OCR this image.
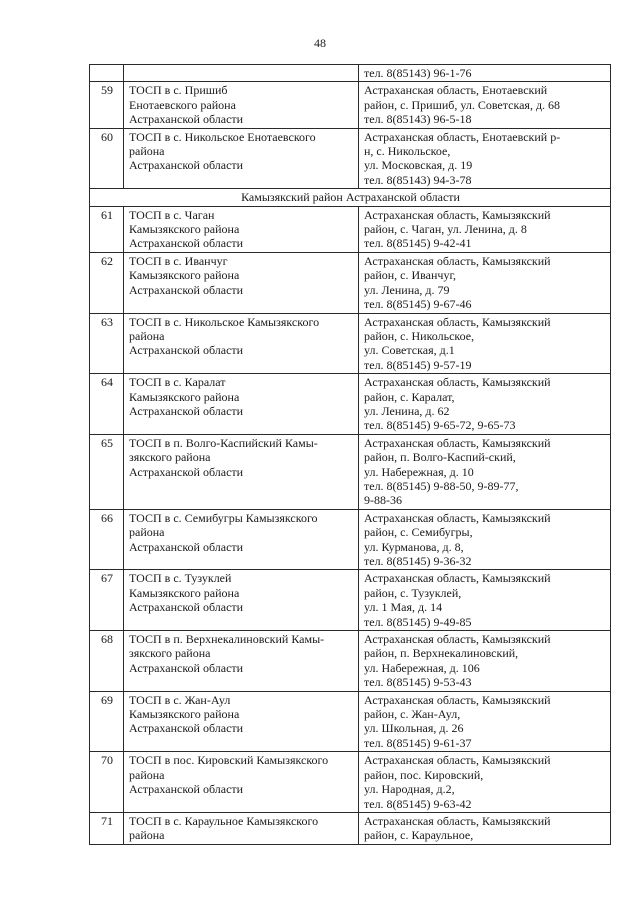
48
		тел. 8(85143) 96-1-76
59	ТОСП в с. Пришиб
Енотаевского района
Астраханской области	Астраханская область, Енотаевский
район, с. Пришиб, ул. Советская, д. 68
тел. 8(85143) 96-5-18
60	ТОСП в с. Никольское Енотаевского
района
Астраханской области	Астраханская область, Енотаевский р-
н, с. Никольское,
ул. Московская, д. 19
тел. 8(85143) 94-3-78
Камызякский район Астраханской области		
61	ТОСП в с. Чаган
Камызякского района
Астраханской области	Астраханская область, Камызякский
район, с. Чаган, ул. Ленина, д. 8
тел. 8(85145) 9-42-41
62	ТОСП в с. Иванчуг
Камызякского района
Астраханской области	Астраханская область, Камызякский
район, с. Иванчуг,
ул. Ленина, д. 79
тел. 8(85145) 9-67-46
63	ТОСП в с. Никольское Камызякского
района
Астраханской области	Астраханская область, Камызякский
район, с. Никольское,
ул. Советская, д.1
тел. 8(85145) 9-57-19
64	ТОСП в с. Каралат
Камызякского района
Астраханской области	Астраханская область, Камызякский
район, с. Каралат,
ул. Ленина, д. 62
тел. 8(85145) 9-65-72, 9-65-73
65	ТОСП в п. Волго-Каспийский Камы-
зякского района
Астраханской области	Астраханская область, Камызякский
район, п. Волго-Каспий-ский,
ул. Набережная, д. 10
тел. 8(85145) 9-88-50, 9-89-77,
9-88-36
66	ТОСП в с. Семибугры Камызякского
района
Астраханской области	Астраханская область, Камызякский
район, с. Семибугры,
ул. Курманова, д. 8,
тел. 8(85145) 9-36-32
67	ТОСП в с. Тузуклей
Камызякского района
Астраханской области	Астраханская область, Камызякский
район, с. Тузуклей,
ул. 1 Мая, д. 14
тел. 8(85145) 9-49-85
68	ТОСП в п. Верхнекалиновский Камы-
зякского района
Астраханской области	Астраханская область, Камызякский
район, п. Верхнекалиновский,
ул. Набережная, д. 106
тел. 8(85145) 9-53-43
69	ТОСП в с. Жан-Аул
Камызякского района
Астраханской области	Астраханская область, Камызякский
район, с. Жан-Аул,
ул. Школьная, д. 26
тел. 8(85145) 9-61-37
70	ТОСП в пос. Кировский Камызякского
района
Астраханской области	Астраханская область, Камызякский
район, пос. Кировский,
ул. Народная, д.2,
тел. 8(85145) 9-63-42
71	ТОСП в с. Караульное Камызякского
района	Астраханская область, Камызякский
район, с. Караульное,
